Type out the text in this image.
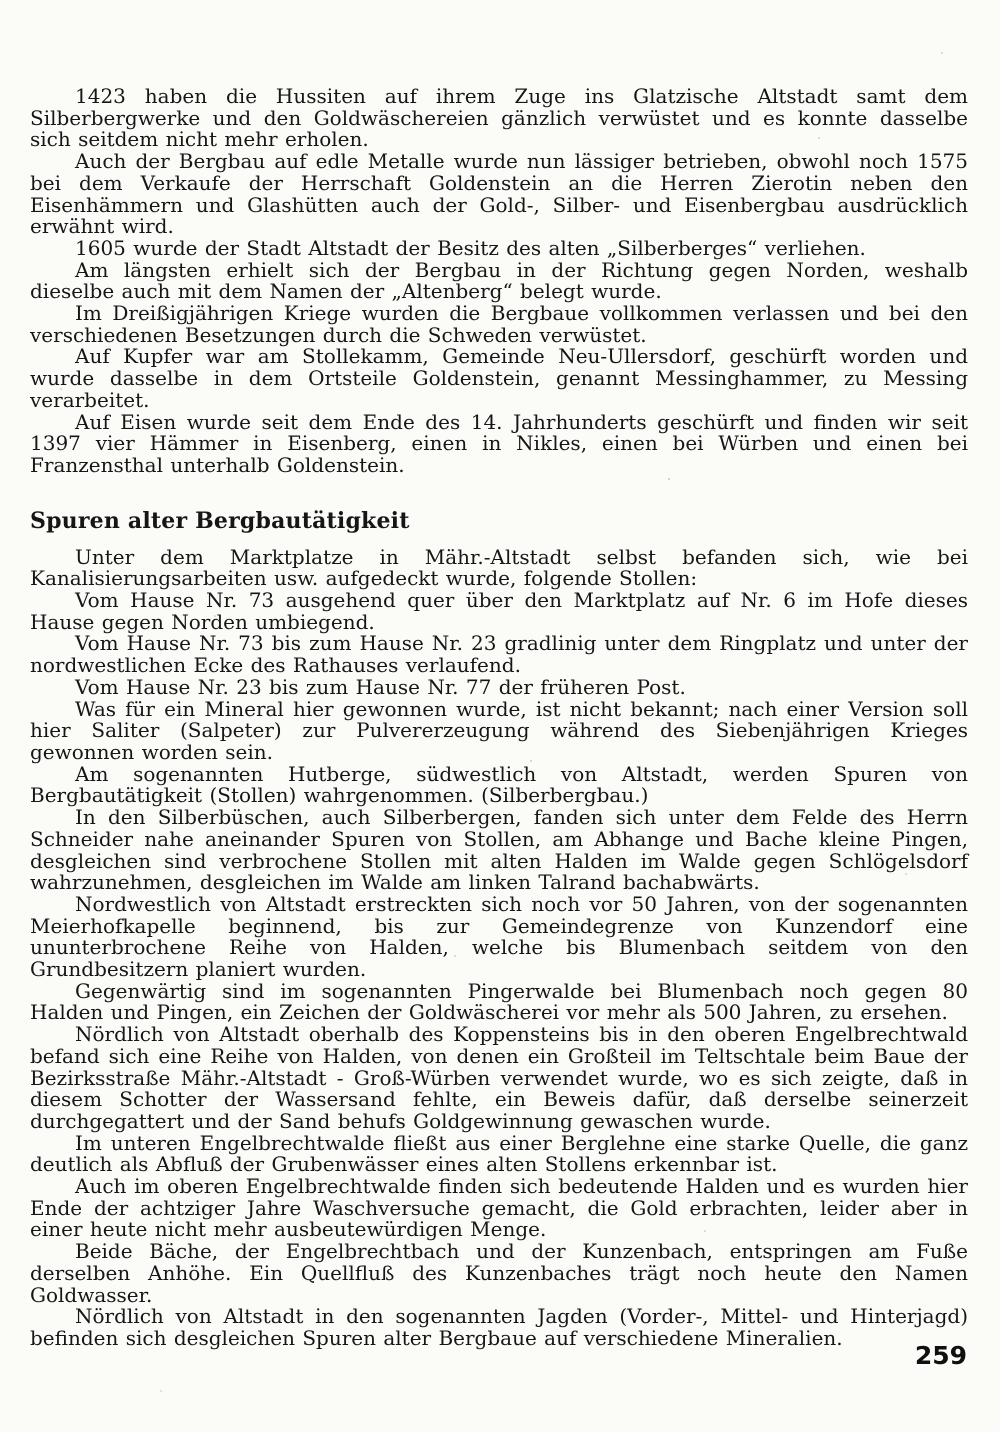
1423 haben die Hussiten auf ihrem Zuge ins Glatzische Altstadt samt dem Silberbergwerke und den Goldwäschereien gänzlich verwüstet und es konnte dasselbe sich seitdem nicht mehr erholen.

Auch der Bergbau auf edle Metalle wurde nun lässiger betrieben, obwohl noch 1575 bei dem Verkaufe der Herrschaft Goldenstein an die Herren Zierotin neben den Eisenhämmern und Glashütten auch der Gold-, Silber- und Eisenbergbau ausdrücklich erwähnt wird.

1605 wurde der Stadt Altstadt der Besitz des alten „Silberberges“ verliehen.

Am längsten erhielt sich der Bergbau in der Richtung gegen Norden, weshalb dieselbe auch mit dem Namen der „Altenberg“ belegt wurde.

Im Dreißigjährigen Kriege wurden die Bergbaue vollkommen verlassen und bei den verschiedenen Besetzungen durch die Schweden verwüstet.

Auf Kupfer war am Stollekamm, Gemeinde Neu-Ullersdorf, geschürft worden und wurde dasselbe in dem Ortsteile Goldenstein, genannt Messinghammer, zu Messing verarbeitet.

Auf Eisen wurde seit dem Ende des 14. Jahrhunderts geschürft und finden wir seit 1397 vier Hämmer in Eisenberg, einen in Nikles, einen bei Würben und einen bei Franzensthal unterhalb Goldenstein.

Spuren alter Bergbautätigkeit

Unter dem Marktplatze in Mähr.-Altstadt selbst befanden sich, wie bei Kanalisierungsarbeiten usw. aufgedeckt wurde, folgende Stollen:

Vom Hause Nr. 73 ausgehend quer über den Marktplatz auf Nr. 6 im Hofe dieses Hause gegen Norden umbiegend.

Vom Hause Nr. 73 bis zum Hause Nr. 23 gradlinig unter dem Ringplatz und unter der nordwestlichen Ecke des Rathauses verlaufend.

Vom Hause Nr. 23 bis zum Hause Nr. 77 der früheren Post.

Was für ein Mineral hier gewonnen wurde, ist nicht bekannt; nach einer Version soll hier Saliter (Salpeter) zur Pulvererzeugung während des Siebenjährigen Krieges gewonnen worden sein.

Am sogenannten Hutberge, südwestlich von Altstadt, werden Spuren von Bergbautätigkeit (Stollen) wahrgenommen. (Silberbergbau.)

In den Silberbüschen, auch Silberbergen, fanden sich unter dem Felde des Herrn Schneider nahe aneinander Spuren von Stollen, am Abhange und Bache kleine Pingen, desgleichen sind verbrochene Stollen mit alten Halden im Walde gegen Schlögelsdorf wahrzunehmen, desgleichen im Walde am linken Talrand bachabwärts.

Nordwestlich von Altstadt erstreckten sich noch vor 50 Jahren, von der sogenannten Meierhofkapelle beginnend, bis zur Gemeindegrenze von Kunzendorf eine ununterbrochene Reihe von Halden, welche bis Blumenbach seitdem von den Grundbesitzern planiert wurden.

Gegenwärtig sind im sogenannten Pingerwalde bei Blumenbach noch gegen 80 Halden und Pingen, ein Zeichen der Goldwäscherei vor mehr als 500 Jahren, zu ersehen.

Nördlich von Altstadt oberhalb des Koppensteins bis in den oberen Engelbrechtwald befand sich eine Reihe von Halden, von denen ein Großteil im Teltschtale beim Baue der Bezirksstraße Mähr.-Altstadt - Groß-Würben verwendet wurde, wo es sich zeigte, daß in diesem Schotter der Wassersand fehlte, ein Beweis dafür, daß derselbe seinerzeit durchgegattert und der Sand behufs Goldgewinnung gewaschen wurde.

Im unteren Engelbrechtwalde fließt aus einer Berglehne eine starke Quelle, die ganz deutlich als Abfluß der Grubenwässer eines alten Stollens erkennbar ist.

Auch im oberen Engelbrechtwalde finden sich bedeutende Halden und es wurden hier Ende der achtziger Jahre Waschversuche gemacht, die Gold erbrachten, leider aber in einer heute nicht mehr ausbeutewürdigen Menge.

Beide Bäche, der Engelbrechtbach und der Kunzenbach, entspringen am Fuße derselben Anhöhe. Ein Quellfluß des Kunzenbaches trägt noch heute den Namen Goldwasser.

Nördlich von Altstadt in den sogenannten Jagden (Vorder-, Mittel- und Hinterjagd) befinden sich desgleichen Spuren alter Bergbaue auf verschiedene Mineralien.

259
